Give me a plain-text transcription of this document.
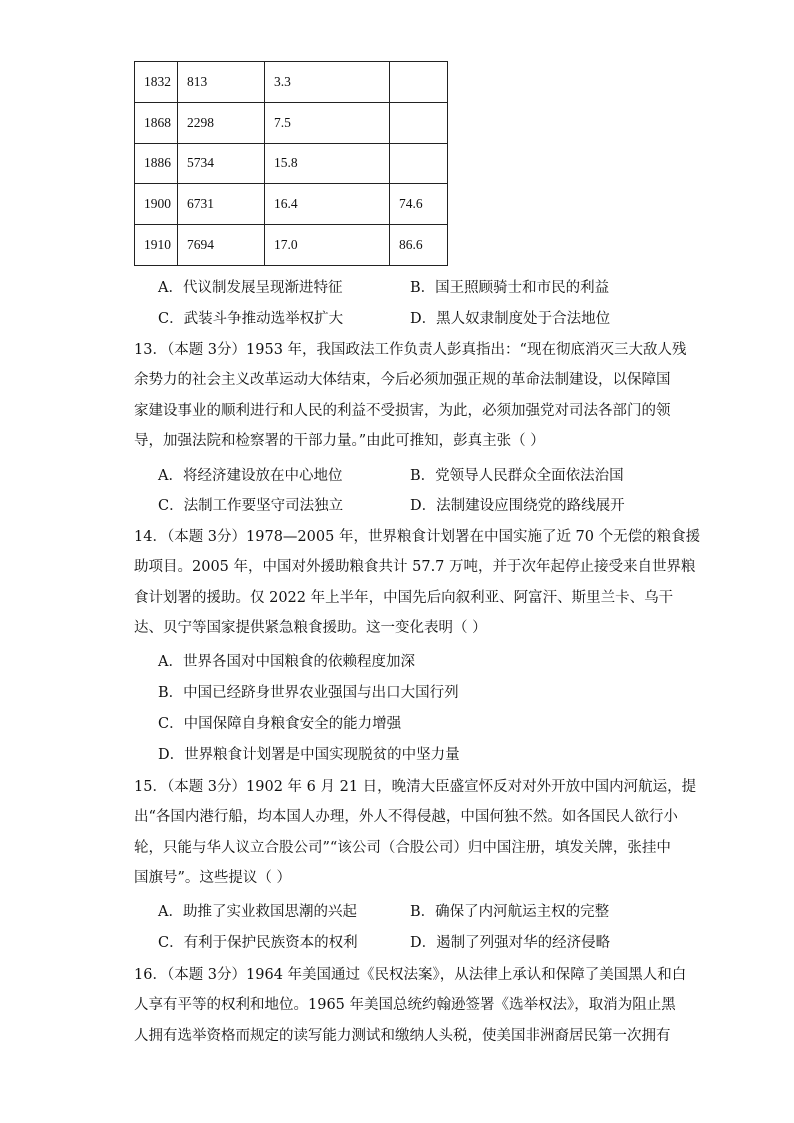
1832	813	3.3	
1868	2298	7.5	
1886	5734	15.8	
1900	6731	16.4	74.6
1910	7694	17.0	86.6
A．代议制发展呈现渐进特征	B．国王照顾骑士和市民的利益
C．武装斗争推动选举权扩大	D．黑人奴隶制度处于合法地位
13．（本题 3分）1953 年，我国政法工作负责人彭真指出：“现在彻底消灭三大敌人残
余势力的社会主义改革运动大体结束，今后必须加强正规的革命法制建设，以保障国
家建设事业的顺利进行和人民的利益不受损害，为此，必须加强党对司法各部门的领
导，加强法院和检察署的干部力量。”由此可推知，彭真主张（ ）
A．将经济建设放在中心地位	B．党领导人民群众全面依法治国
C．法制工作要坚守司法独立	D．法制建设应围绕党的路线展开
14．（本题 3分）1978—2005 年，世界粮食计划署在中国实施了近 70 个无偿的粮食援
助项目。2005 年，中国对外援助粮食共计 57.7 万吨，并于次年起停止接受来自世界粮
食计划署的援助。仅 2022 年上半年，中国先后向叙利亚、阿富汗、斯里兰卡、乌干
达、贝宁等国家提供紧急粮食援助。这一变化表明（ ）
A．世界各国对中国粮食的依赖程度加深
B．中国已经跻身世界农业强国与出口大国行列
C．中国保障自身粮食安全的能力增强
D．世界粮食计划署是中国实现脱贫的中坚力量
15．（本题 3分）1902 年 6 月 21 日，晚清大臣盛宣怀反对对外开放中国内河航运，提
出“各国内港行船，均本国人办理，外人不得侵越，中国何独不然。如各国民人欲行小
轮，只能与华人议立合股公司”“该公司（合股公司）归中国注册，填发关牌，张挂中
国旗号”。这些提议（ ）
A．助推了实业救国思潮的兴起	B．确保了内河航运主权的完整
C．有利于保护民族资本的权利	D．遏制了列强对华的经济侵略
16．（本题 3分）1964 年美国通过《民权法案》，从法律上承认和保障了美国黑人和白
人享有平等的权利和地位。1965 年美国总统约翰逊签署《选举权法》，取消为阻止黑
人拥有选举资格而规定的读写能力测试和缴纳人头税，使美国非洲裔居民第一次拥有
